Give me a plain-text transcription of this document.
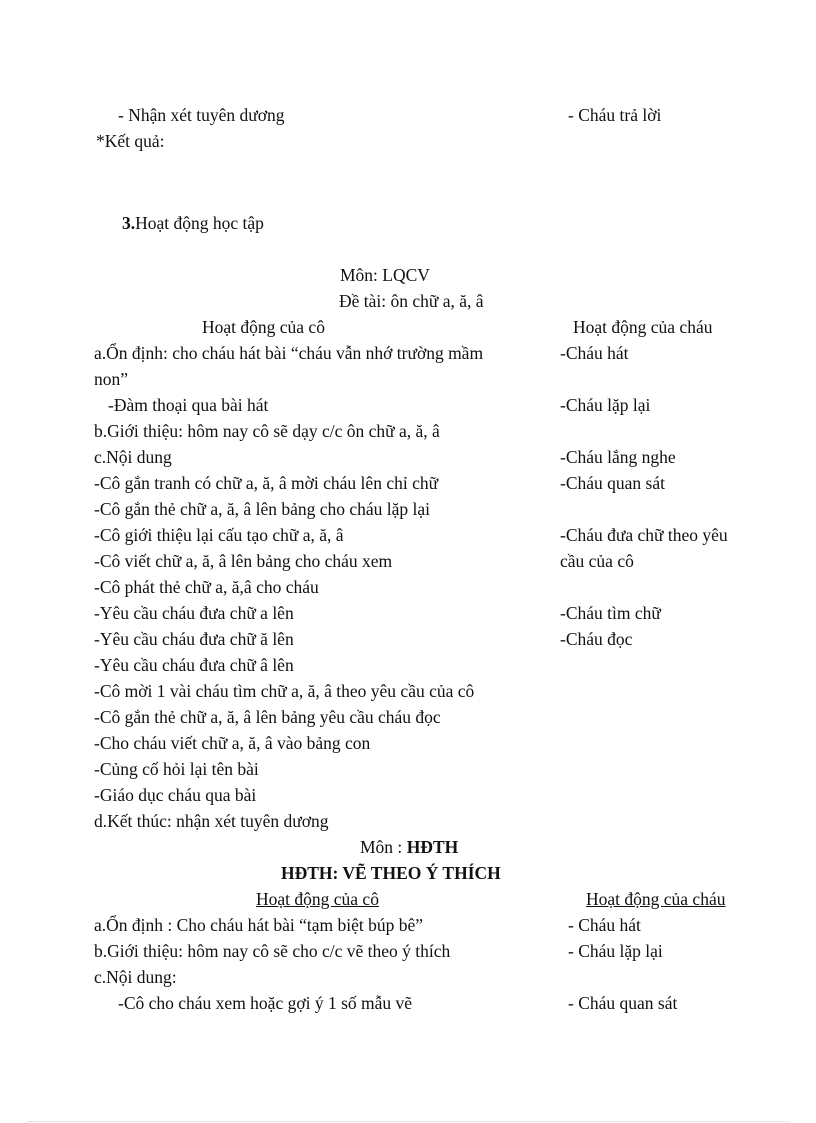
- Nhận xét tuyên dương	- Cháu trả lời
*Kết quả:
3.Hoạt động học tập
Môn: LQCV
Đề tài: ôn chữ a, ă, â
Hoạt động của cô	Hoạt động của cháu
a.Ổn định: cho cháu hát bài “cháu vẫn nhớ trường mầm	-Cháu hát
non”
-Đàm thoại qua bài hát	-Cháu lặp lại
b.Giới thiệu: hôm nay cô sẽ dạy c/c ôn chữ a, ă, â
c.Nội dung	-Cháu lắng nghe
-Cô gắn tranh có chữ a, ă, â mời cháu lên chỉ chữ	-Cháu quan sát
-Cô gắn thẻ chữ a, ă, â lên bảng cho cháu lặp lại
-Cô giới thiệu lại cấu tạo chữ a, ă, â	-Cháu đưa chữ theo yêu
-Cô viết chữ a, ă, â lên bảng cho cháu xem	cầu của cô
-Cô phát thẻ chữ a, ă,â cho cháu
-Yêu cầu cháu đưa chữ a lên	-Cháu tìm chữ
-Yêu cầu cháu đưa chữ ă lên	-Cháu đọc
-Yêu cầu cháu đưa chữ â lên
-Cô mời 1 vài cháu tìm chữ a, ă, â theo yêu cầu của cô
-Cô gắn thẻ chữ a, ă, â lên bảng yêu cầu cháu đọc
-Cho cháu viết chữ a, ă, â vào bảng con
-Củng cố hỏi lại tên bài
-Giáo dục cháu qua bài
d.Kết thúc: nhận xét tuyên dương
Môn : HĐTH
HĐTH: VẼ THEO Ý THÍCH
Hoạt động của cô	Hoạt động của cháu
a.Ổn định : Cho cháu hát bài “tạm biệt búp bê”	- Cháu hát
b.Giới thiệu: hôm nay cô sẽ cho c/c vẽ theo ý thích	- Cháu lặp lại
c.Nội dung:
-Cô cho cháu xem hoặc gợi ý 1 số mẫu vẽ	- Cháu quan sát
